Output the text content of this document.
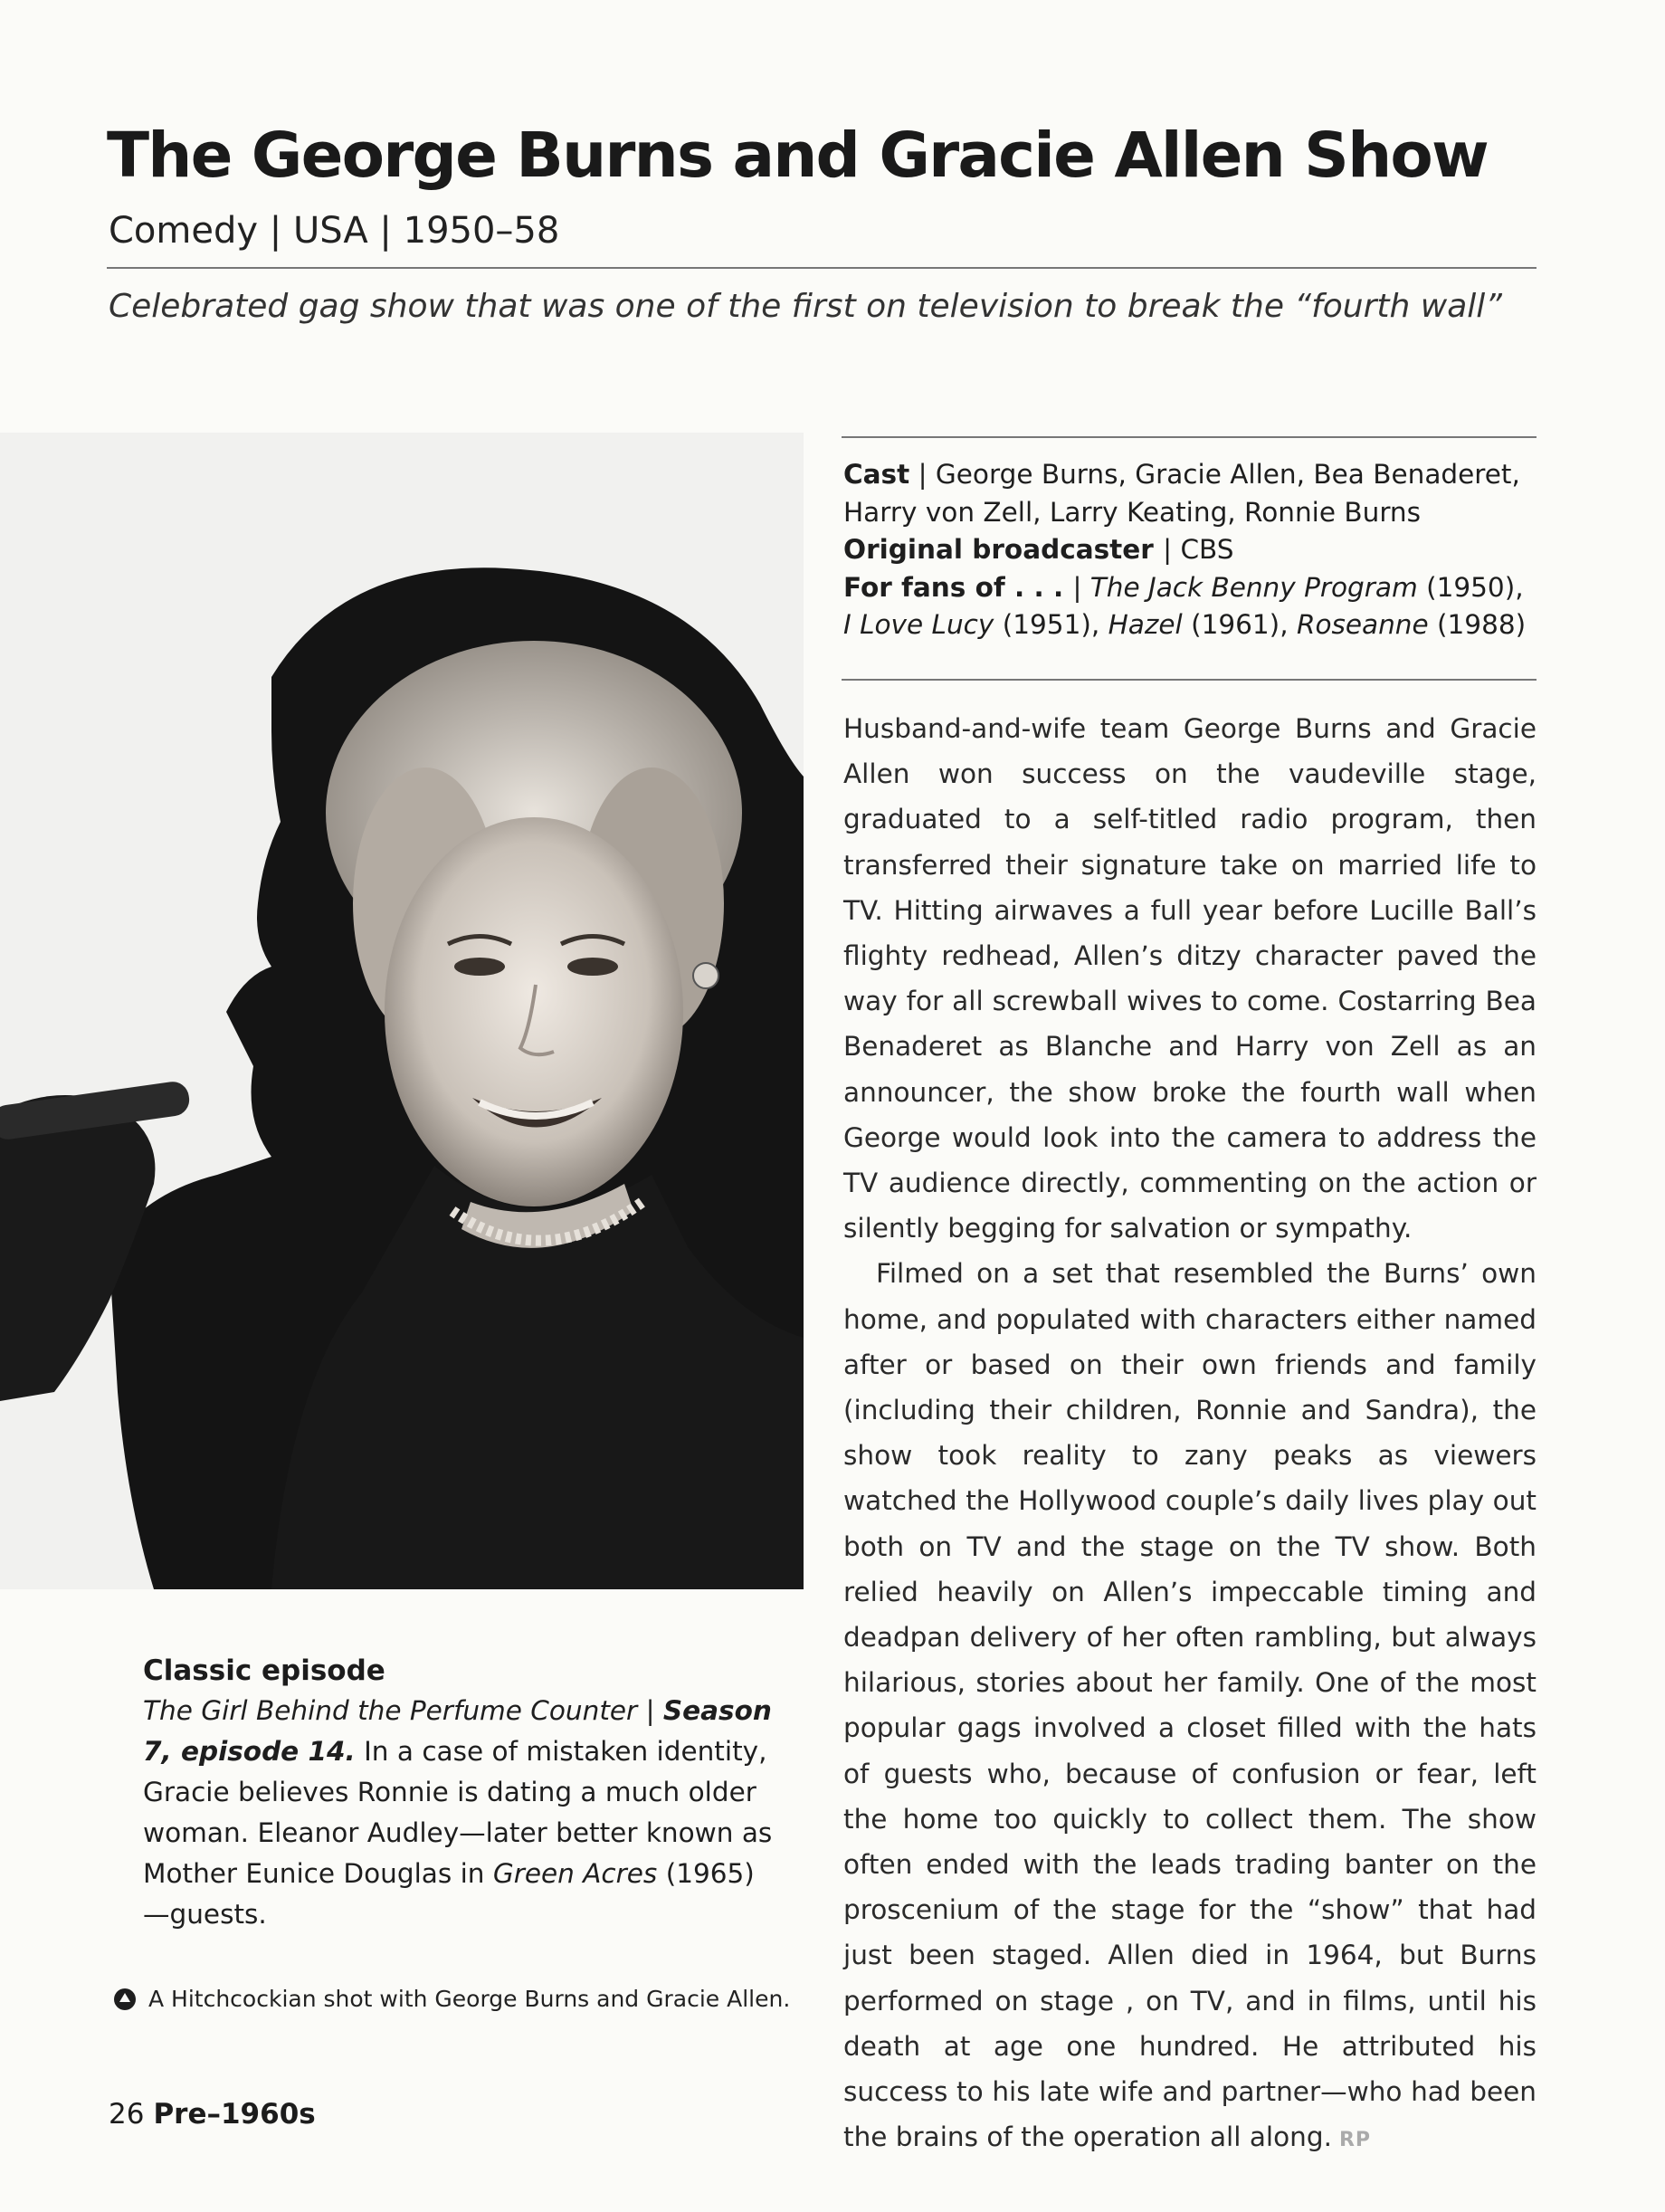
The George Burns and Gracie Allen Show
Comedy | USA | 1950–58
Celebrated gag show that was one of the first on television to break the “fourth wall”
Classic episode
The Girl Behind the Perfume Counter | Season 7, episode 14. In a case of mistaken identity, Gracie believes Ronnie is dating a much older woman. Eleanor Audley—later better known as Mother Eunice Douglas in Green Acres (1965)—guests.
A Hitchcockian shot with George Burns and Gracie Allen.
Cast | George Burns, Gracie Allen, Bea Benaderet, Harry von Zell, Larry Keating, Ronnie Burns
Original broadcaster | CBS
For fans of . . . | The Jack Benny Program (1950), I Love Lucy (1951), Hazel (1961), Roseanne (1988)

Husband-and-wife team George Burns and Gracie Allen won success on the vaudeville stage, graduated to a self-titled radio program, then transferred their signature take on married life to TV. Hitting airwaves a full year before Lucille Ball’s flighty redhead, Allen’s ditzy character paved the way for all screwball wives to come. Costarring Bea Benaderet as Blanche and Harry von Zell as an announcer, the show broke the fourth wall when George would look into the camera to address the TV audience directly, commenting on the action or silently begging for salvation or sympathy.

Filmed on a set that resembled the Burns’ own home, and populated with characters either named after or based on their own friends and family (including their children, Ronnie and Sandra), the show took reality to zany peaks as viewers watched the Hollywood couple’s daily lives play out both on TV and the stage on the TV show. Both relied heavily on Allen’s impeccable timing and deadpan delivery of her often rambling, but always hilarious, stories about her family. One of the most popular gags involved a closet filled with the hats of guests who, because of confusion or fear, left the home too quickly to collect them. The show often ended with the leads trading banter on the proscenium of the stage for the “show” that had just been staged. Allen died in 1964, but Burns performed on stage , on TV, and in films, until his death at age one hundred. He attributed his success to his late wife and partner—who had been the brains of the operation all along. RP

26 Pre–1960s
